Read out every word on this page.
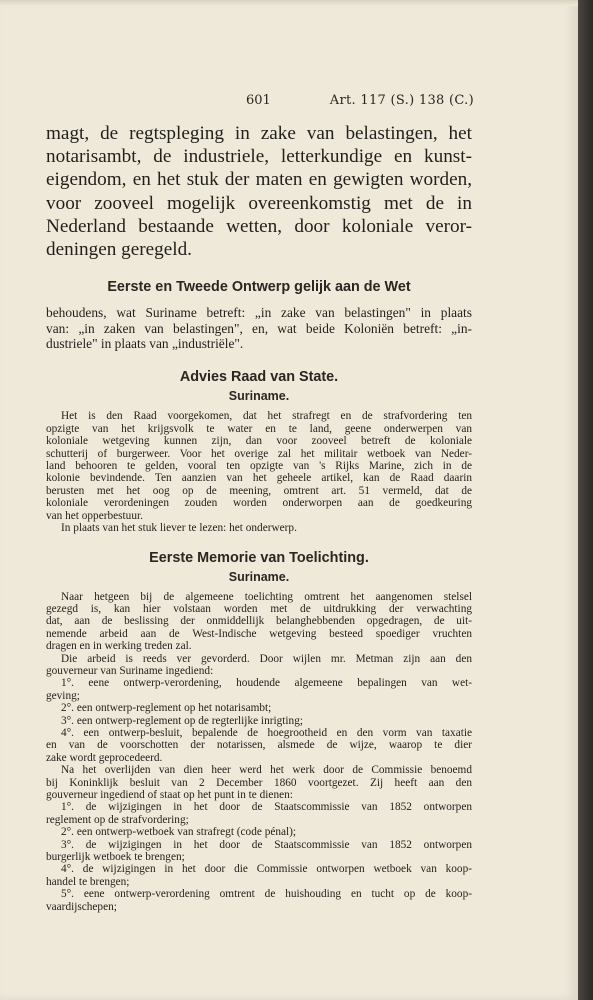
601	Art. 117 (S.) 138 (C.)
magt, de regtspleging in zake van belastingen, het
notarisambt, de industriele, letterkundige en kunst-
eigendom, en het stuk der maten en gewigten worden,
voor zooveel mogelijk overeenkomstig met de in
Nederland bestaande wetten, door koloniale veror-
deningen geregeld.
Eerste en Tweede Ontwerp gelijk aan de Wet
behoudens, wat Suriname betreft: „in zake van belastingen" in plaats
van: „in zaken van belastingen", en, wat beide Koloniën betreft: „in-
dustriele" in plaats van „industriële".
Advies Raad van State.
Suriname.
Het is den Raad voorgekomen, dat het strafregt en de strafvordering ten
opzigte van het krijgsvolk te water en te land, geene onderwerpen van
koloniale wetgeving kunnen zijn, dan voor zooveel betreft de koloniale
schutterij of burgerweer. Voor het overige zal het militair wetboek van Neder-
land behooren te gelden, vooral ten opzigte van 's Rijks Marine, zich in de
kolonie bevindende. Ten aanzien van het geheele artikel, kan de Raad daarin
berusten met het oog op de meening, omtrent art. 51 vermeld, dat de
koloniale verordeningen zouden worden onderworpen aan de goedkeuring
van het opperbestuur.
In plaats van het stuk liever te lezen: het onderwerp.
Eerste Memorie van Toelichting.
Suriname.
Naar hetgeen bij de algemeene toelichting omtrent het aangenomen stelsel
gezegd is, kan hier volstaan worden met de uitdrukking der verwachting
dat, aan de beslissing der onmiddellijk belanghebbenden opgedragen, de uit-
nemende arbeid aan de West-Indische wetgeving besteed spoediger vruchten
dragen en in werking treden zal.
Die arbeid is reeds ver gevorderd. Door wijlen mr. Metman zijn aan den
gouverneur van Suriname ingediend:
1°. eene ontwerp-verordening, houdende algemeene bepalingen van wet-
geving;
2°. een ontwerp-reglement op het notarisambt;
3°. een ontwerp-reglement op de regterlijke inrigting;
4°. een ontwerp-besluit, bepalende de hoegrootheid en den vorm van taxatie
en van de voorschotten der notarissen, alsmede de wijze, waarop te dier
zake wordt geprocedeerd.
Na het overlijden van dien heer werd het werk door de Commissie benoemd
bij Koninklijk besluit van 2 December 1860 voortgezet. Zij heeft aan den
gouverneur ingediend of staat op het punt in te dienen:
1°. de wijzigingen in het door de Staatscommissie van 1852 ontworpen
reglement op de strafvordering;
2°. een ontwerp-wetboek van strafregt (code pénal);
3°. de wijzigingen in het door de Staatscommissie van 1852 ontworpen
burgerlijk wetboek te brengen;
4°. de wijzigingen in het door die Commissie ontworpen wetboek van koop-
handel te brengen;
5°. eene ontwerp-verordening omtrent de huishouding en tucht op de koop-
vaardijschepen;
